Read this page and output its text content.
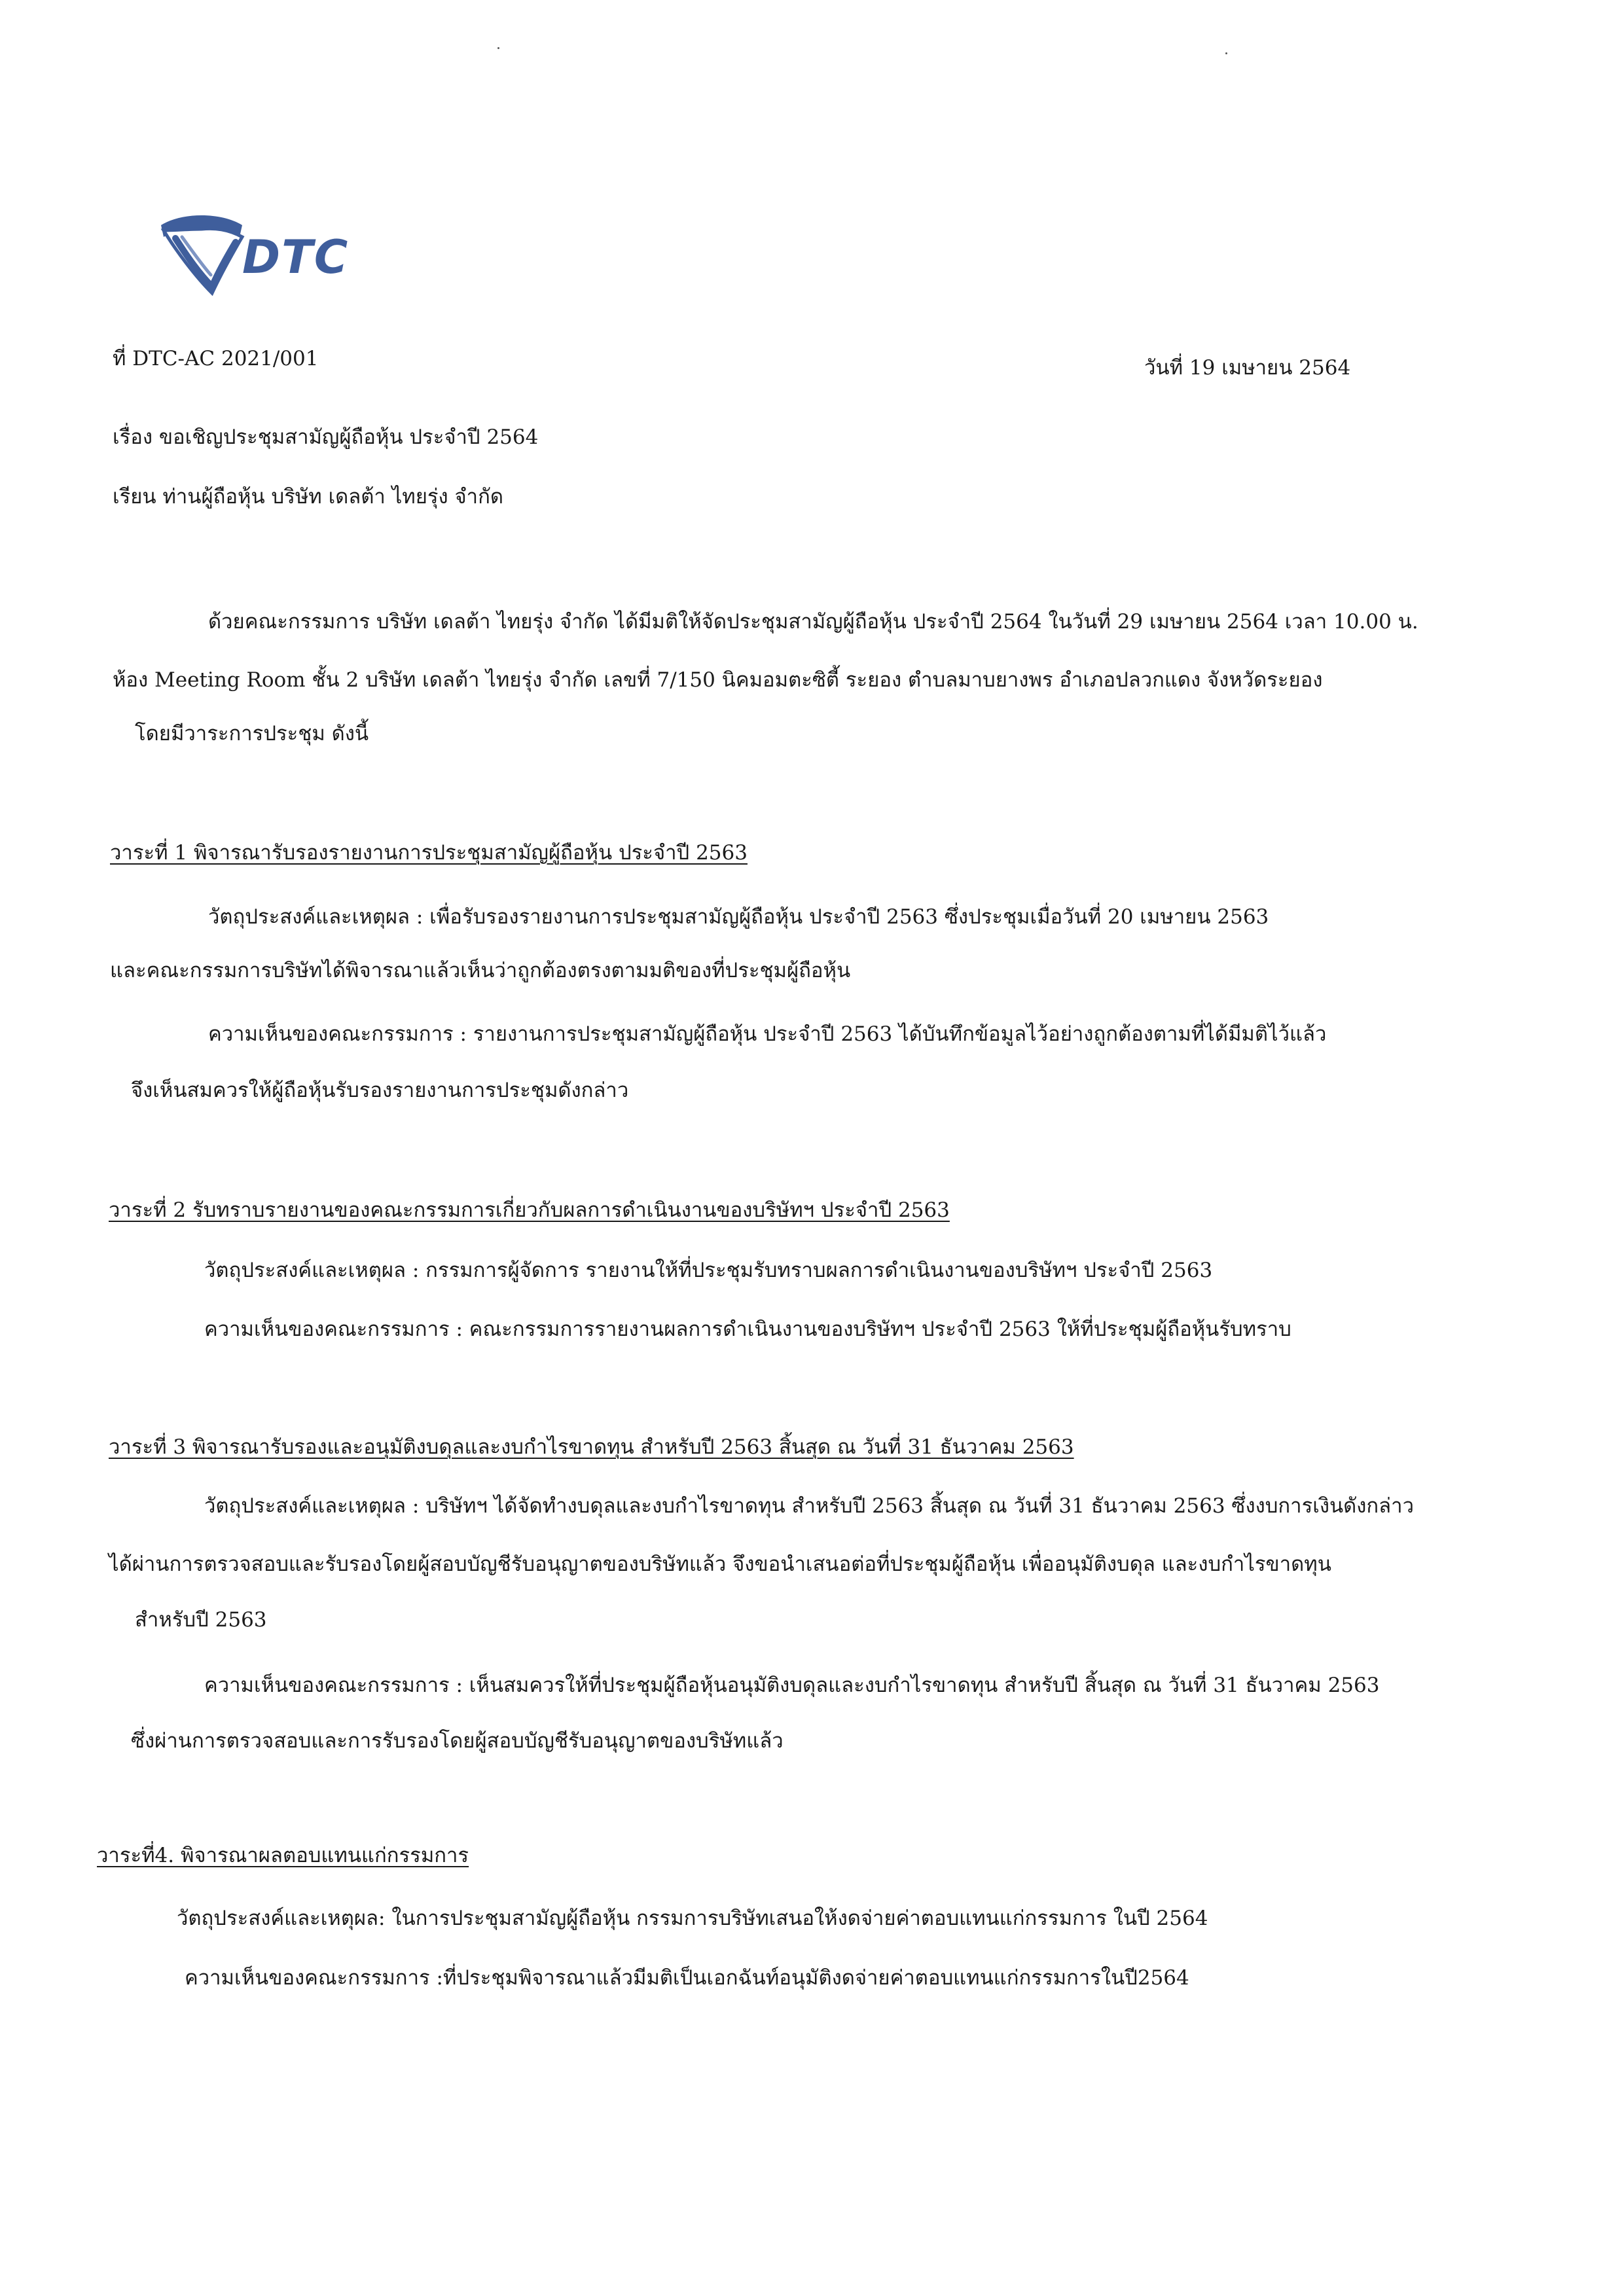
DTC
ที่ DTC-AC 2021/001	วันที่ 19 เมษายน 2564
เรื่อง ขอเชิญประชุมสามัญผู้ถือหุ้น ประจำปี 2564
เรียน ท่านผู้ถือหุ้น บริษัท เดลต้า ไทยรุ่ง จำกัด
ด้วยคณะกรรมการ บริษัท เดลต้า ไทยรุ่ง จำกัด ได้มีมติให้จัดประชุมสามัญผู้ถือหุ้น ประจำปี 2564 ในวันที่ 29 เมษายน 2564 เวลา 10.00 น.
ห้อง Meeting Room ชั้น 2 บริษัท เดลต้า ไทยรุ่ง จำกัด เลขที่ 7/150 นิคมอมตะซิตี้ ระยอง ตำบลมาบยางพร อำเภอปลวกแดง จังหวัดระยอง
โดยมีวาระการประชุม ดังนี้
วาระที่ 1 พิจารณารับรองรายงานการประชุมสามัญผู้ถือหุ้น ประจำปี 2563
วัตถุประสงค์และเหตุผล : เพื่อรับรองรายงานการประชุมสามัญผู้ถือหุ้น ประจำปี 2563 ซึ่งประชุมเมื่อวันที่ 20 เมษายน 2563
และคณะกรรมการบริษัทได้พิจารณาแล้วเห็นว่าถูกต้องตรงตามมติของที่ประชุมผู้ถือหุ้น
ความเห็นของคณะกรรมการ : รายงานการประชุมสามัญผู้ถือหุ้น ประจำปี 2563 ได้บันทึกข้อมูลไว้อย่างถูกต้องตามที่ได้มีมติไว้แล้ว
จึงเห็นสมควรให้ผู้ถือหุ้นรับรองรายงานการประชุมดังกล่าว
วาระที่ 2 รับทราบรายงานของคณะกรรมการเกี่ยวกับผลการดำเนินงานของบริษัทฯ ประจำปี 2563
วัตถุประสงค์และเหตุผล : กรรมการผู้จัดการ รายงานให้ที่ประชุมรับทราบผลการดำเนินงานของบริษัทฯ ประจำปี 2563
ความเห็นของคณะกรรมการ : คณะกรรมการรายงานผลการดำเนินงานของบริษัทฯ ประจำปี 2563 ให้ที่ประชุมผู้ถือหุ้นรับทราบ
วาระที่ 3 พิจารณารับรองและอนุมัติงบดุลและงบกำไรขาดทุน สำหรับปี 2563 สิ้นสุด ณ วันที่ 31 ธันวาคม 2563
วัตถุประสงค์และเหตุผล : บริษัทฯ ได้จัดทำงบดุลและงบกำไรขาดทุน สำหรับปี 2563 สิ้นสุด ณ วันที่ 31 ธันวาคม 2563 ซึ่งงบการเงินดังกล่าว
ได้ผ่านการตรวจสอบและรับรองโดยผู้สอบบัญชีรับอนุญาตของบริษัทแล้ว จึงขอนำเสนอต่อที่ประชุมผู้ถือหุ้น เพื่ออนุมัติงบดุล และงบกำไรขาดทุน
สำหรับปี 2563
ความเห็นของคณะกรรมการ : เห็นสมควรให้ที่ประชุมผู้ถือหุ้นอนุมัติงบดุลและงบกำไรขาดทุน สำหรับปี สิ้นสุด ณ วันที่ 31 ธันวาคม 2563
ซึ่งผ่านการตรวจสอบและการรับรองโดยผู้สอบบัญชีรับอนุญาตของบริษัทแล้ว
วาระที่4. พิจารณาผลตอบแทนแก่กรรมการ
วัตถุประสงค์และเหตุผล: ในการประชุมสามัญผู้ถือหุ้น กรรมการบริษัทเสนอให้งดจ่ายค่าตอบแทนแก่กรรมการ ในปี 2564
ความเห็นของคณะกรรมการ :ที่ประชุมพิจารณาแล้วมีมติเป็นเอกฉันท์อนุมัติงดจ่ายค่าตอบแทนแก่กรรมการในปี2564
